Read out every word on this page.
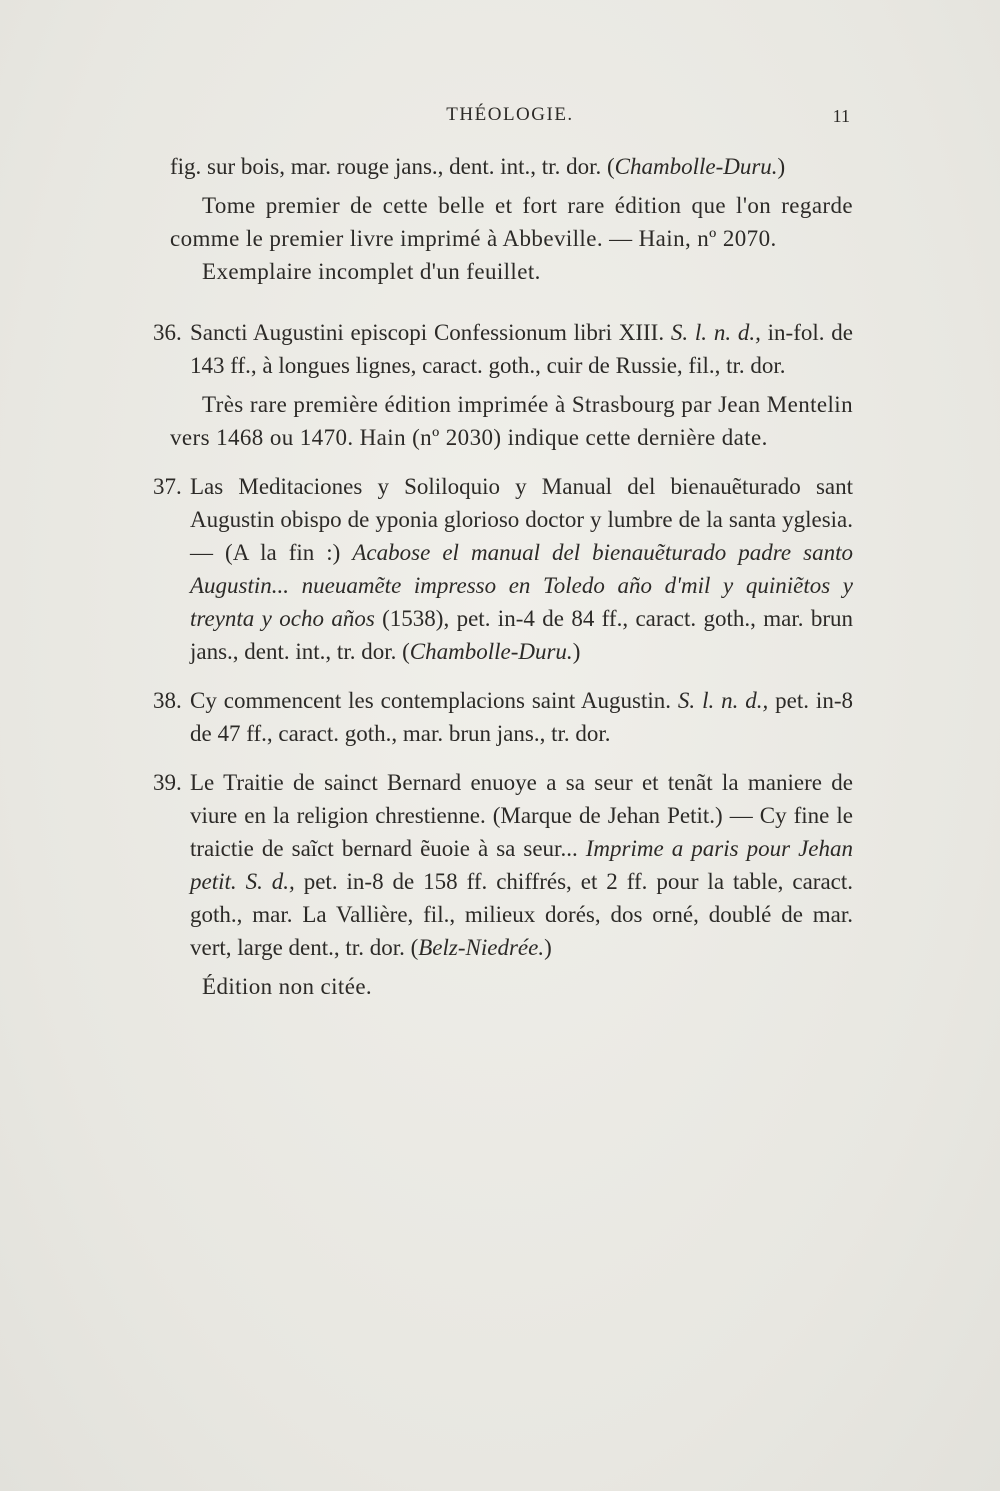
THÉOLOGIE.	11

fig. sur bois, mar. rouge jans., dent. int., tr. dor. (Chambolle-Duru.)

Tome premier de cette belle et fort rare édition que l'on regarde comme le premier livre imprimé à Abbeville. — Hain, nº 2070.

Exemplaire incomplet d'un feuillet.

36. Sancti Augustini episcopi Confessionum libri XIII. S. l. n. d., in-fol. de 143 ff., à longues lignes, caract. goth., cuir de Russie, fil., tr. dor.

Très rare première édition imprimée à Strasbourg par Jean Mentelin vers 1468 ou 1470. Hain (nº 2030) indique cette dernière date.

37. Las Meditaciones y Soliloquio y Manual del bienauẽturado sant Augustin obispo de yponia glorioso doctor y lumbre de la santa yglesia. — (A la fin :) Acabose el manual del bienauẽturado padre santo Augustin... nueuamẽte impresso en Toledo año d'mil y quiniẽtos y treynta y ocho años (1538), pet. in-4 de 84 ff., caract. goth., mar. brun jans., dent. int., tr. dor. (Chambolle-Duru.)

38. Cy commencent les contemplacions saint Augustin. S. l. n. d., pet. in-8 de 47 ff., caract. goth., mar. brun jans., tr. dor.

39. Le Traitie de sainct Bernard enuoye a sa seur et tenãt la maniere de viure en la religion chrestienne. (Marque de Jehan Petit.) — Cy fine le traictie de saĩct bernard ẽuoie à sa seur... Imprime a paris pour Jehan petit. S. d., pet. in-8 de 158 ff. chiffrés, et 2 ff. pour la table, caract. goth., mar. La Vallière, fil., milieux dorés, dos orné, doublé de mar. vert, large dent., tr. dor. (Belz-Niedrée.)

Édition non citée.
